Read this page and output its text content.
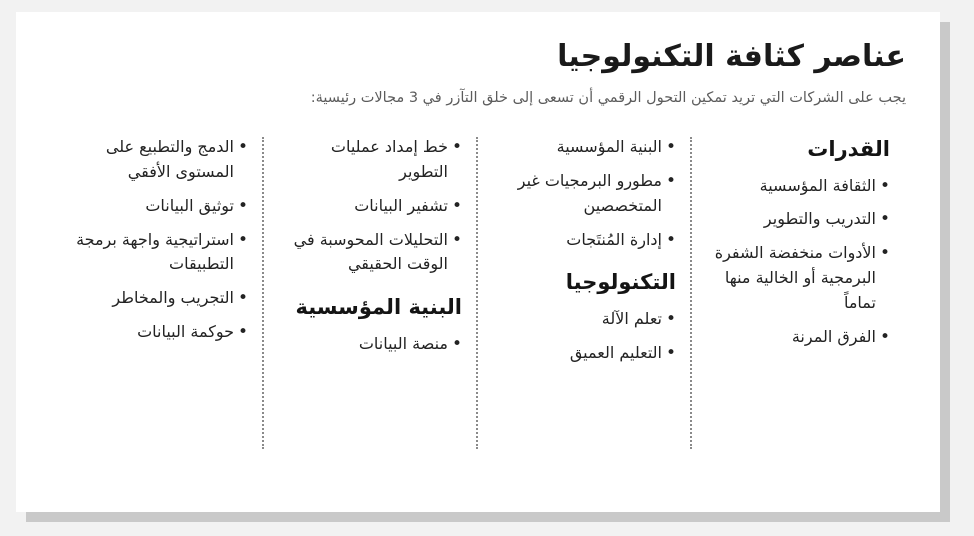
عناصر كثافة التكنولوجيا

يجب على الشركات التي تريد تمكين التحول الرقمي أن تسعى إلى خلق التآزر في 3 مجالات رئيسية:

القدرات
• الثقافة المؤسسية
• التدريب والتطوير
• الأدوات منخفضة الشفرة البرمجية أو الخالية منها تماماً
• الفرق المرنة
• البنية المؤسسية
• مطورو البرمجيات غير المتخصصين
• إدارة المُنتَجات
التكنولوجيا
• تعلم الآلة
• التعليم العميق
• خط إمداد عمليات التطوير
• تشفير البيانات
• التحليلات المحوسبة في الوقت الحقيقي
البنية المؤسسية
• منصة البيانات
• الدمج والتطبيع على المستوى الأفقي
• توثيق البيانات
• استراتيجية واجهة برمجة التطبيقات
• التجريب والمخاطر
• حوكمة البيانات
